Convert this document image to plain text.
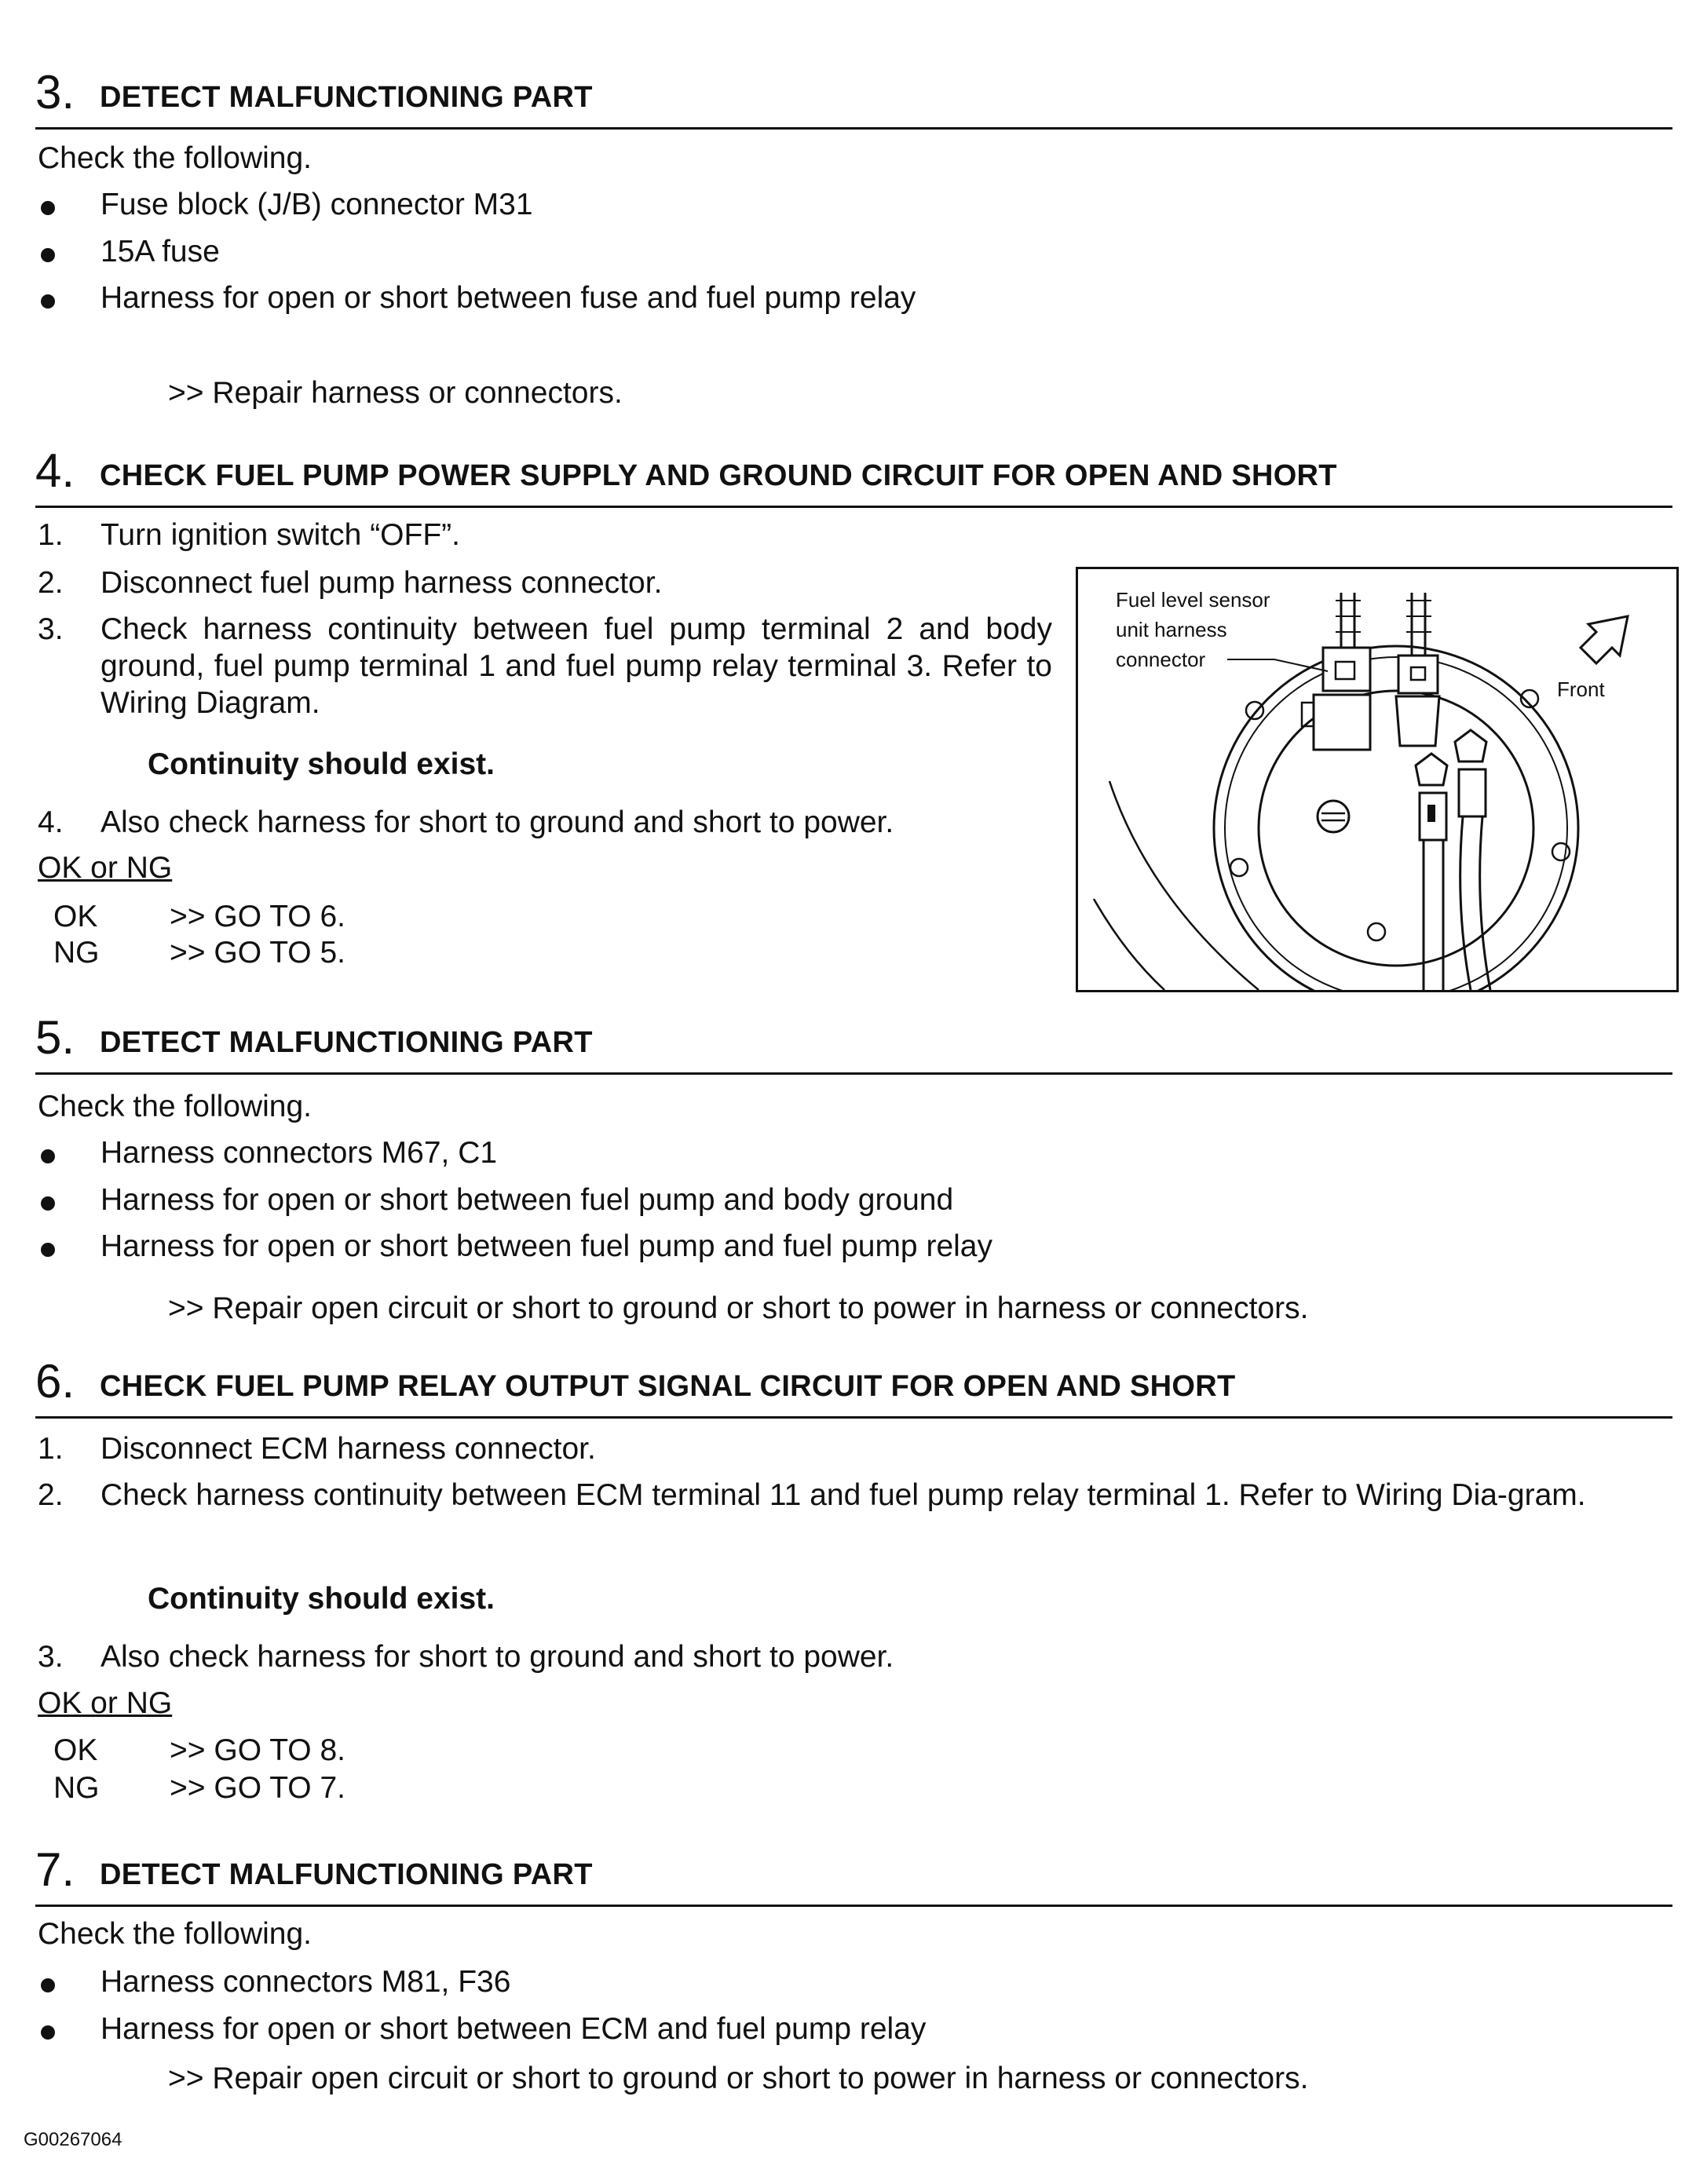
3. DETECT MALFUNCTIONING PART
Check the following.
Fuse block (J/B) connector M31
15A fuse
Harness for open or short between fuse and fuel pump relay
>> Repair harness or connectors.
4. CHECK FUEL PUMP POWER SUPPLY AND GROUND CIRCUIT FOR OPEN AND SHORT
1. Turn ignition switch “OFF”.
2. Disconnect fuel pump harness connector.
3. Check harness continuity between fuel pump terminal 2 and body ground, fuel pump terminal 1 and fuel pump relay terminal 3. Refer to Wiring Diagram.
Continuity should exist.
4. Also check harness for short to ground and short to power.
OK or NG
OK >> GO TO 6.
NG >> GO TO 5.
Fuel level sensor
unit harness
connector
Front
5. DETECT MALFUNCTIONING PART
Check the following.
Harness connectors M67, C1
Harness for open or short between fuel pump and body ground
Harness for open or short between fuel pump and fuel pump relay
>> Repair open circuit or short to ground or short to power in harness or connectors.
6. CHECK FUEL PUMP RELAY OUTPUT SIGNAL CIRCUIT FOR OPEN AND SHORT
1. Disconnect ECM harness connector.
2. Check harness continuity between ECM terminal 11 and fuel pump relay terminal 1. Refer to Wiring Dia-gram.
Continuity should exist.
3. Also check harness for short to ground and short to power.
OK or NG
OK >> GO TO 8.
NG >> GO TO 7.
7. DETECT MALFUNCTIONING PART
Check the following.
Harness connectors M81, F36
Harness for open or short between ECM and fuel pump relay
>> Repair open circuit or short to ground or short to power in harness or connectors.
G00267064
